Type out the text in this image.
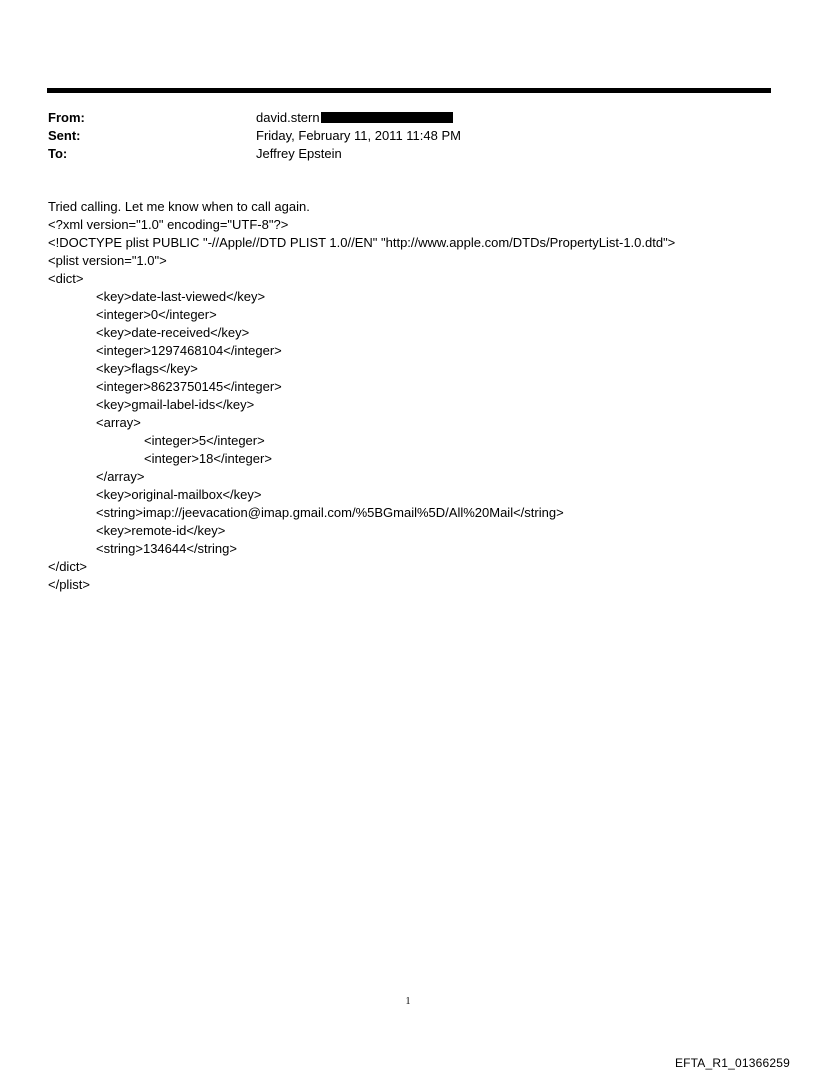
From:	david.stern
Sent:	Friday, February 11, 2011 11:48 PM
To:	Jeffrey Epstein
Tried calling. Let me know when to call again.
<?xml version="1.0" encoding="UTF-8"?>
<!DOCTYPE plist PUBLIC "-//Apple//DTD PLIST 1.0//EN" "http://www.apple.com/DTDs/PropertyList-1.0.dtd">
<plist version="1.0">
<dict>
<key>date-last-viewed</key>
<integer>0</integer>
<key>date-received</key>
<integer>1297468104</integer>
<key>flags</key>
<integer>8623750145</integer>
<key>gmail-label-ids</key>
<array>
<integer>5</integer>
<integer>18</integer>
</array>
<key>original-mailbox</key>
<string>imap://jeevacation@imap.gmail.com/%5BGmail%5D/All%20Mail</string>
<key>remote-id</key>
<string>134644</string>
</dict>
</plist>
1
EFTA_R1_01366259
